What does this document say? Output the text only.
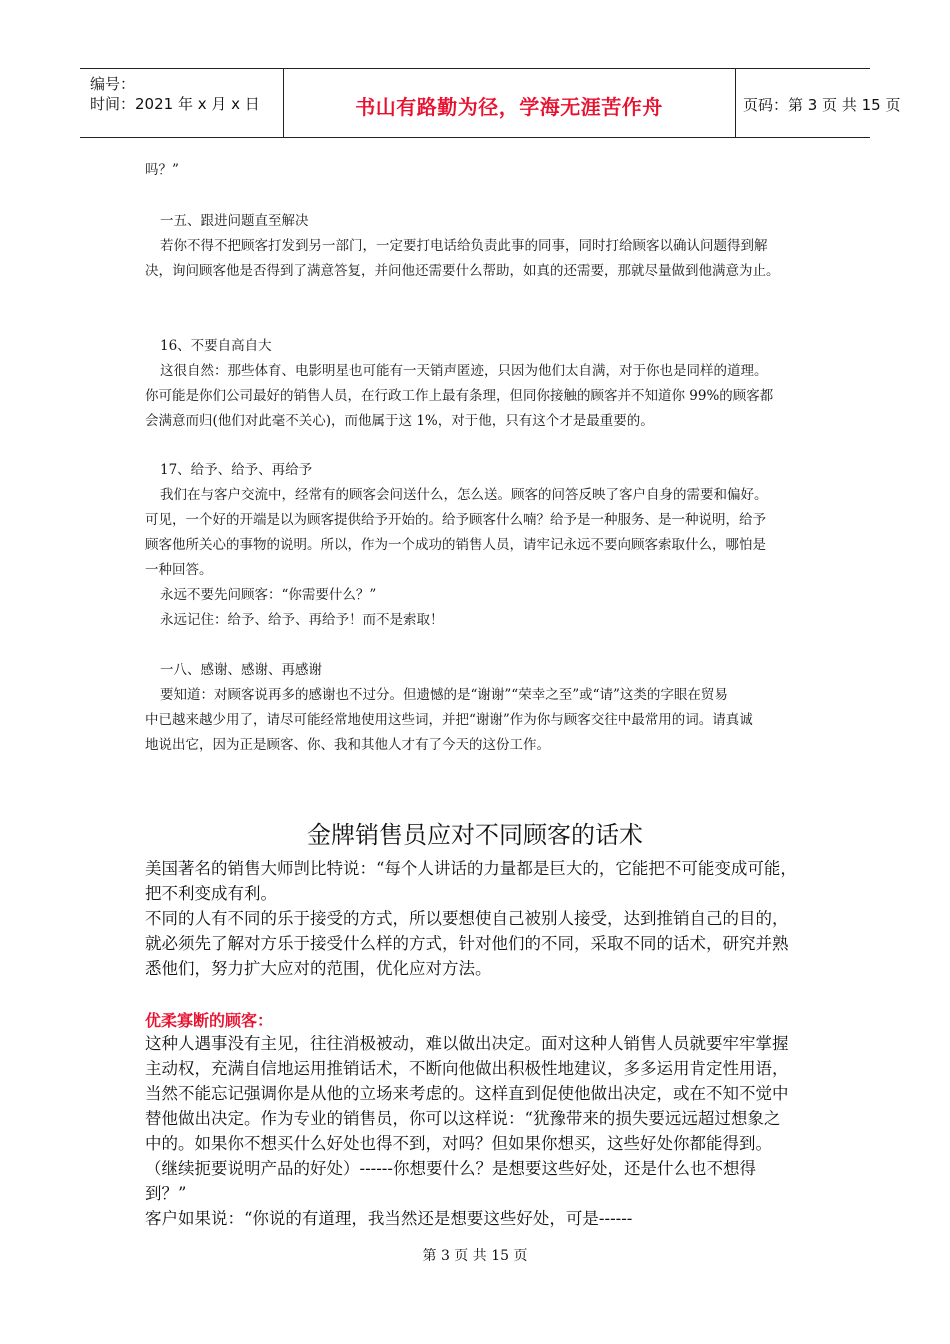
编号：
时间：2021 年 x 月 x 日	书山有路勤为径，学海无涯苦作舟	页码：第 3 页 共 15 页
吗？”
一五、跟进问题直至解决
若你不得不把顾客打发到另一部门，一定要打电话给负责此事的同事，同时打给顾客以确认问题得到解
决，询问顾客他是否得到了满意答复，并问他还需要什么帮助，如真的还需要，那就尽量做到他满意为止。
16、不要自高自大
这很自然：那些体育、电影明星也可能有一天销声匿迹，只因为他们太自满，对于你也是同样的道理。
你可能是你们公司最好的销售人员，在行政工作上最有条理，但同你接触的顾客并不知道你 99%的顾客都
会满意而归(他们对此毫不关心)，而他属于这 1%，对于他，只有这个才是最重要的。
17、给予、给予、再给予
我们在与客户交流中，经常有的顾客会问送什么，怎么送。顾客的问答反映了客户自身的需要和偏好。
可见，一个好的开端是以为顾客提供给予开始的。给予顾客什么喃？给予是一种服务、是一种说明，给予
顾客他所关心的事物的说明。所以，作为一个成功的销售人员，请牢记永远不要向顾客索取什么，哪怕是
一种回答。
永远不要先问顾客：“你需要什么？”
永远记住：给予、给予、再给予！而不是索取！
一八、感谢、感谢、再感谢
要知道：对顾客说再多的感谢也不过分。但遗憾的是“谢谢”“荣幸之至”或“请”这类的字眼在贸易
中已越来越少用了，请尽可能经常地使用这些词，并把“谢谢”作为你与顾客交往中最常用的词。请真诚
地说出它，因为正是顾客、你、我和其他人才有了今天的这份工作。
金牌销售员应对不同顾客的话术
美国著名的销售大师剀比特说：“每个人讲话的力量都是巨大的，它能把不可能变成可能，
把不利变成有利。
不同的人有不同的乐于接受的方式，所以要想使自己被别人接受，达到推销自己的目的，
就必须先了解对方乐于接受什么样的方式，针对他们的不同，采取不同的话术，研究并熟
悉他们，努力扩大应对的范围，优化应对方法。
优柔寡断的顾客：
这种人遇事没有主见，往往消极被动，难以做出决定。面对这种人销售人员就要牢牢掌握
主动权，充满自信地运用推销话术，不断向他做出积极性地建议，多多运用肯定性用语，
当然不能忘记强调你是从他的立场来考虑的。这样直到促使他做出决定，或在不知不觉中
替他做出决定。作为专业的销售员，你可以这样说：“犹豫带来的损失要远远超过想象之
中的。如果你不想买什么好处也得不到，对吗？但如果你想买，这些好处你都能得到。
（继续扼要说明产品的好处）------你想要什么？是想要这些好处，还是什么也不想得
到？”
客户如果说：“你说的有道理，我当然还是想要这些好处，可是------
第 3 页 共 15 页
